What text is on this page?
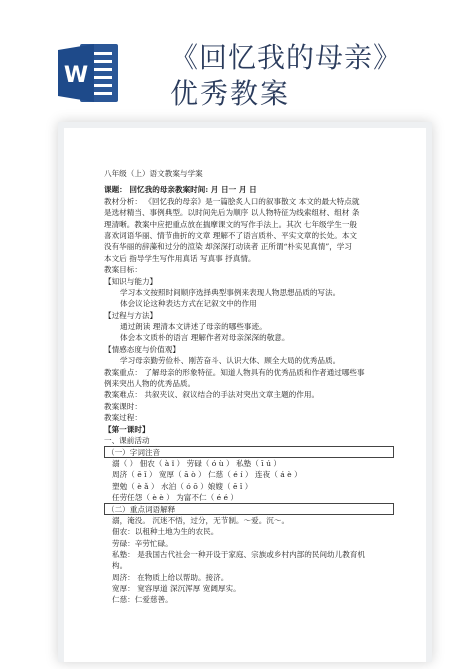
W
《回忆我的母亲》
优秀教案
八年级（上）语文教案与学案
课题： 回忆我的母亲教案时间: 月 日一 月 日
教材分析： 《回忆我的母亲》是一篇脍炙人口的叙事散文 本文的最大特点就
是选材精当、事例典型。以时间先后为顺序 以人物特征为线索组材、组材 条
理清晰。教案中应把重点放在揣摩课文的写作手法上。其次 七年级学生一般
喜欢词语华丽、情节曲折的文章 理解不了语言质朴、平实文章的长处。本文
没有华丽的辞藻和过分的渲染 却深深打动读者 正所谓“朴实见真情”，学习
本文后 指导学生写作用真话 写真事 抒真情。
教案目标：
【知识与能力】
学习本文按照时间顺序选择典型事例来表现人物思想品质的写法。
体会议论这种表达方式在记叙文中的作用
【过程与方法】
通过朗读 理清本文讲述了母亲的哪些事迹。
体会本文质朴的语言 理解作者对母亲深深的敬意。
【情感态度与价值观】
学习母亲勤劳俭朴、刚苦奋斗、认识大体、顾全大局的优秀品质。
教案重点： 了解母亲的形象特征。知道人物具有的优秀品质和作者通过哪些事
例来突出人物的优秀品质。
教案难点： 共叙夹议、叙议结合的手法对突出文章主题的作用。
教案课时：
教案过程：
【第一课时】
一、课前活动
（一）字词注音
溺（ ） 佃农（ à ï ） 劳碌（ ó ù ） 私塾（ ī ú ）
周济（ ē ǐ ） 宽厚（ ā ò ） 仁慈（ é í ） 连夜（ á è ）
塑勉（ è ǎ ） 水泊（ ó ō ）娘嫂（ ē ǐ ）
任劳任怨（ è è ） 为富不仁（ é é ）
（二）重点词语解释
溺，淹没。 沉迷不悟，过分，无节制。～爱。沉～。
佃农：以租种土地为生的农民。
劳碌：辛劳忙碌。
私塾： 是我国古代社会一种开设于家庭、宗族或乡村内部的民间幼儿教育机
构。
周济： 在物质上给以帮助。接济。
宽厚： 宽容厚道 深沉浑厚 宽阔厚实。
仁慈：仁爱慈善。
